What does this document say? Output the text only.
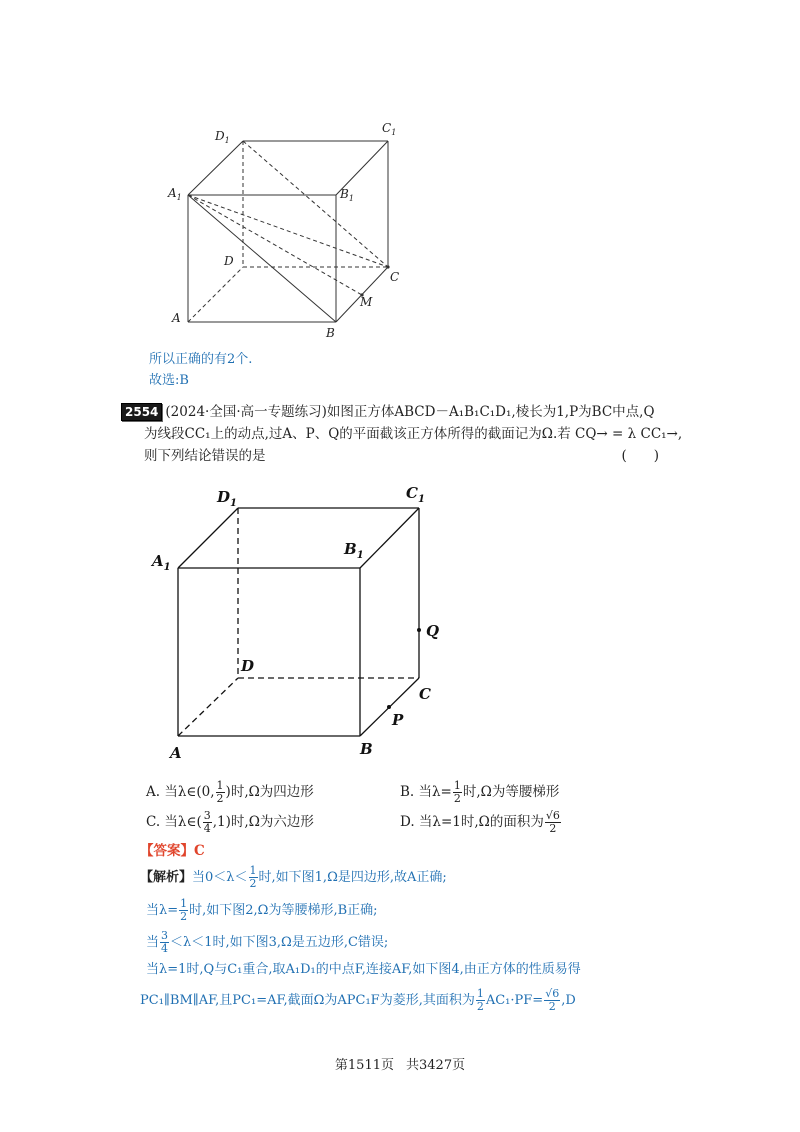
$D_1$
$C_1$
$A_1$	$B_1$
D
C
M
A
B
所以正确的有2个.
故选:B
2554 (2024·全国·高一专题练习)如图正方体ABCD－A₁B₁C₁D₁,棱长为1,P为BC中点,Q
为线段CC₁上的动点,过A、P、Q的平面截该正方体所得的截面记为Ω.若 CQ→ = λ CC₁→,
则下列结论错误的是	(　　)
$D_1$
$C_1$
$A_1$
$B_1$
Q
D
C
P
A	B
A. 当λ∈(0, $\frac{1}{2}$ )时,Ω为四边形	B. 当$\lambda= \frac{1}{2}$ 时,Ω为等腰梯形
C. 当λ∈( $\frac{3}{4} ,1$)时,Ω为六边形	D. 当λ=1时,Ω的面积为 $\frac{√6}{2}$
【答案】C
【解析】当$0<\lambda< \frac{1}{2}$ 时,如下图1,Ω是四边形,故A正确;
当$\lambda= \frac{1}{2}$ 时,如下图2,Ω为等腰梯形,B正确;
当 $\frac{3}{4} <\lambda<1$时,如下图3,Ω是五边形,C错误;
当λ=1时,Q与C₁重合,取A₁D₁的中点F,连接AF,如下图4,由正方体的性质易得
PC₁∥BM∥AF,且PC₁=AF,截面Ω为APC₁F为菱形,其面积为 $\frac{1}{2} AC_1\cdot PF= \frac{√6}{2} ,D$
第1511页 共3427页
